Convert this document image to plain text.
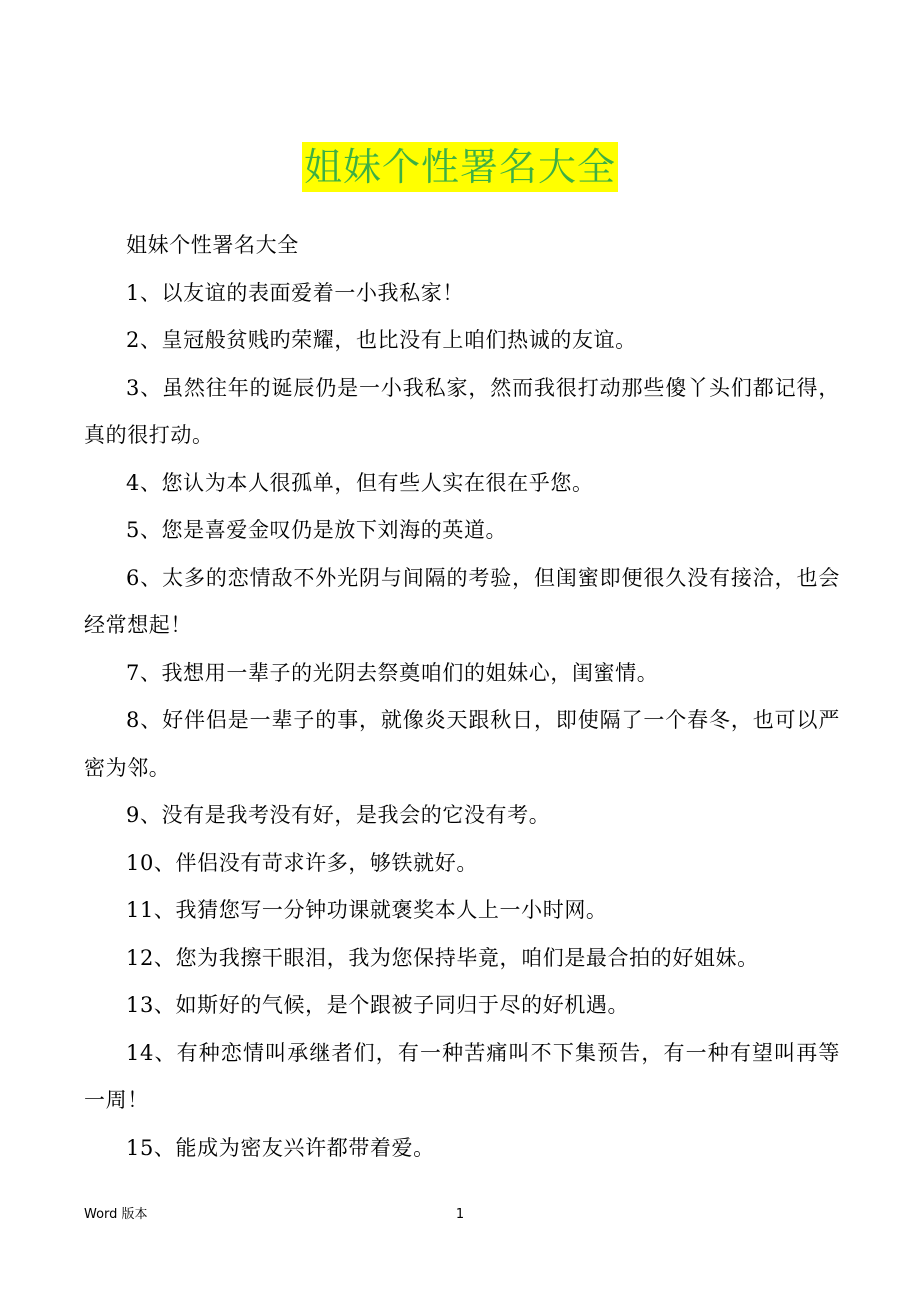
姐妹个性署名大全

姐妹个性署名大全

1、以友谊的表面爱着一小我私家！

2、皇冠般贫贱旳荣耀，也比没有上咱们热诚的友谊。

3、虽然往年的诞辰仍是一小我私家，然而我很打动那些傻丫头们都记得，真的很打动。

4、您认为本人很孤单，但有些人实在很在乎您。

5、您是喜爱金叹仍是放下刘海的英道。

6、太多的恋情敌不外光阴与间隔的考验，但闺蜜即便很久没有接洽，也会经常想起！

7、我想用一辈子的光阴去祭奠咱们的姐妹心，闺蜜情。

8、好伴侣是一辈子的事，就像炎天跟秋日，即使隔了一个春冬，也可以严密为邻。

9、没有是我考没有好，是我会的它没有考。

10、伴侣没有苛求许多，够铁就好。

11、我猜您写一分钟功课就褒奖本人上一小时网。

12、您为我擦干眼泪，我为您保持毕竟，咱们是最合拍的好姐妹。

13、如斯好的气候，是个跟被子同归于尽的好机遇。

14、有种恋情叫承继者们，有一种苦痛叫不下集预告，有一种有望叫再等一周！

15、能成为密友兴许都带着爱。

Word 版本	1
